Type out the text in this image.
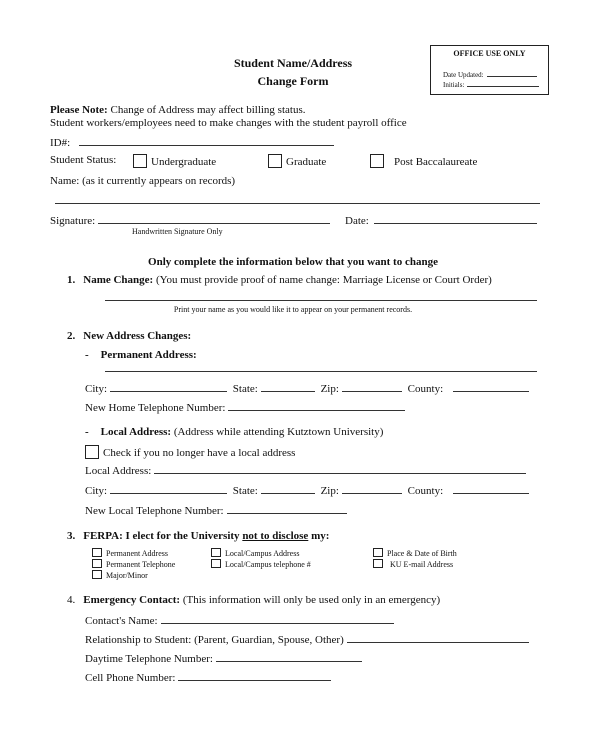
OFFICE USE ONLY
Date Updated:
Initials:
Student Name/Address
Change Form
Please Note: Change of Address may affect billing status.
Student workers/employees need to make changes with the student payroll office
ID#:
Student Status:	Undergraduate	Graduate	Post Baccalaureate
Name: (as it currently appears on records)
Signature:	Date:
Handwritten Signature Only
Only complete the information below that you want to change
1. Name Change: (You must provide proof of name change: Marriage License or Court Order)
Print your name as you would like it to appear on your permanent records.
2. New Address Changes:
- Permanent Address:
City:	State:	Zip:	County:
New Home Telephone Number:
- Local Address: (Address while attending Kutztown University)
Check if you no longer have a local address
Local Address:
City:	State:	Zip:	County:
New Local Telephone Number:
3. FERPA: I elect for the University not to disclose my:
Permanent Address
Permanent Telephone
Major/Minor
Local/Campus Address
Local/Campus telephone #
Place & Date of Birth
KU E-mail Address
4. Emergency Contact: (This information will only be used only in an emergency)
Contact's Name:
Relationship to Student: (Parent, Guardian, Spouse, Other)
Daytime Telephone Number:
Cell Phone Number:
